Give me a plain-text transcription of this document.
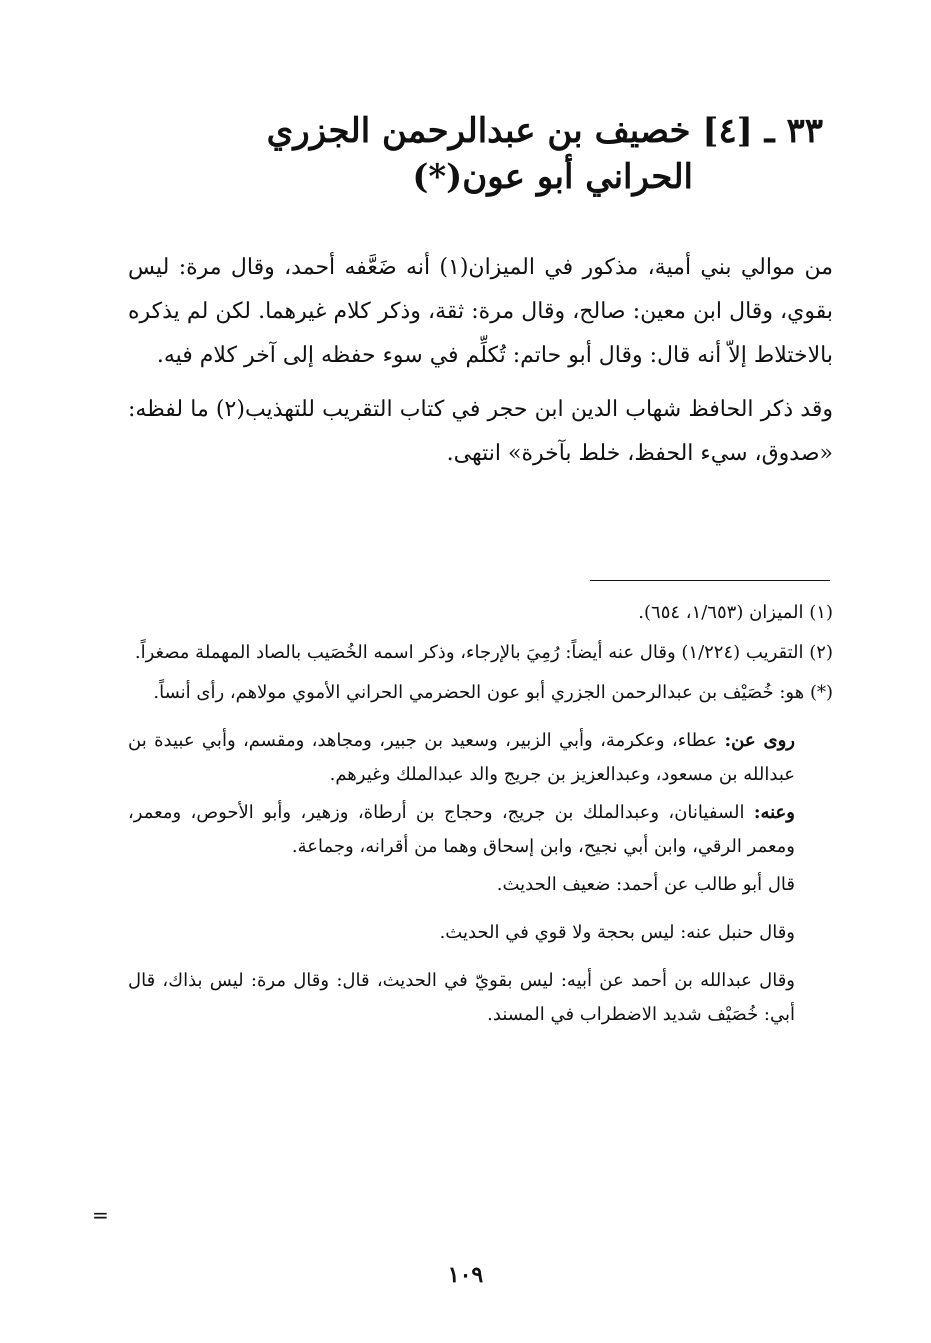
٣٣ ـ [٤] خصيف بن عبدالرحمن الجزري
الحراني أبو عون(*)

من موالي بني أمية، مذكور في الميزان(١) أنه ضَعَّفه أحمد، وقال مرة: ليس بقوي، وقال ابن معين: صالح، وقال مرة: ثقة، وذكر كلام غيرهما. لكن لم يذكره بالاختلاط إلاّ أنه قال: وقال أبو حاتم: تُكلِّم في سوء حفظه إلى آخر كلام فيه.

وقد ذكر الحافظ شهاب الدين ابن حجر في كتاب التقريب للتهذيب(٢) ما لفظه: «صدوق، سيء الحفظ، خلط بآخرة» انتهى.

(١) الميزان (١/٦٥٣، ٦٥٤).

(٢) التقريب (١/٢٢٤) وقال عنه أيضاً: رُمِيَ بالإرجاء، وذكر اسمه الخُصَيب بالصاد المهملة مصغراً.

(*) هو: خُصَيْف بن عبدالرحمن الجزري أبو عون الحضرمي الحراني الأموي مولاهم، رأى أنساً.

روى عن: عطاء، وعكرمة، وأبي الزبير، وسعيد بن جبير، ومجاهد، ومقسم، وأبي عبيدة بن عبدالله بن مسعود، وعبدالعزيز بن جريج والد عبدالملك وغيرهم.

وعنه: السفيانان، وعبدالملك بن جريج، وحجاج بن أرطاة، وزهير، وأبو الأحوص، ومعمر، ومعمر الرقي، وابن أبي نجيح، وابن إسحاق وهما من أقرانه، وجماعة.

قال أبو طالب عن أحمد: ضعيف الحديث.

وقال حنبل عنه: ليس بحجة ولا قوي في الحديث.

وقال عبدالله بن أحمد عن أبيه: ليس بقويّ في الحديث، قال: وقال مرة: ليس بذاك، قال أبي: خُصَيْف شديد الاضطراب في المسند.

=
١٠٩
